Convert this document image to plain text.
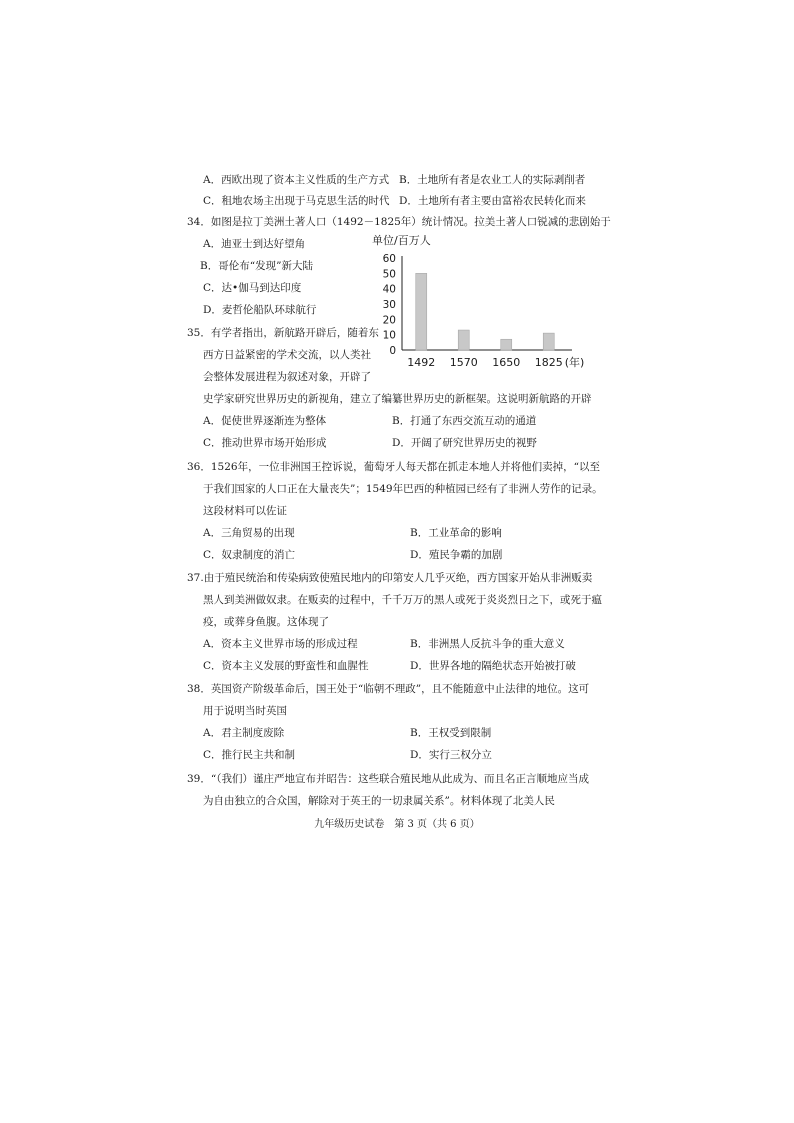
A．西欧出现了资本主义性质的生产方式 B．土地所有者是农业工人的实际剥削者
C．租地农场主出现于马克思生活的时代 D．土地所有者主要由富裕农民转化而来
34．如图是拉丁美洲土著人口（1492－1825年）统计情况。拉美土著人口锐减的悲剧始于
A．迪亚士到达好望角
B．哥伦布“发现”新大陆
C．达•伽马到达印度
D．麦哲伦船队环球航行
单位/百万人
0
10
20
30
40
50
60
1492 1570 1650 1825 (年)
35．有学者指出，新航路开辟后，随着东
西方日益紧密的学术交流，以人类社
会整体发展进程为叙述对象，开辟了
史学家研究世界历史的新视角，建立了编纂世界历史的新框架。这说明新航路的开辟
A．促使世界逐渐连为整体	B．打通了东西交流互动的通道
C．推动世界市场开始形成	D．开阔了研究世界历史的视野
36．1526年，一位非洲国王控诉说，葡萄牙人每天都在抓走本地人并将他们卖掉，“以至
于我们国家的人口正在大量丧失”；1549年巴西的种植园已经有了非洲人劳作的记录。
这段材料可以佐证
A．三角贸易的出现	B．工业革命的影响
C．奴隶制度的消亡	D．殖民争霸的加剧
37.由于殖民统治和传染病致使殖民地内的印第安人几乎灭绝，西方国家开始从非洲贩卖
黑人到美洲做奴隶。在贩卖的过程中，千千万万的黑人或死于炎炎烈日之下，或死于瘟
疫，或葬身鱼腹。这体现了
A．资本主义世界市场的形成过程	B．非洲黑人反抗斗争的重大意义
C．资本主义发展的野蛮性和血腥性	D．世界各地的隔绝状态开始被打破
38．英国资产阶级革命后，国王处于“临朝不理政”，且不能随意中止法律的地位。这可
用于说明当时英国
A．君主制度废除	B．王权受到限制
C．推行民主共和制	D．实行三权分立
39．“（我们）谨庄严地宣布并昭告：这些联合殖民地从此成为、而且名正言顺地应当成
为自由独立的合众国，解除对于英王的一切隶属关系”。材料体现了北美人民
九年级历史试卷　第 3 页（共 6 页）
